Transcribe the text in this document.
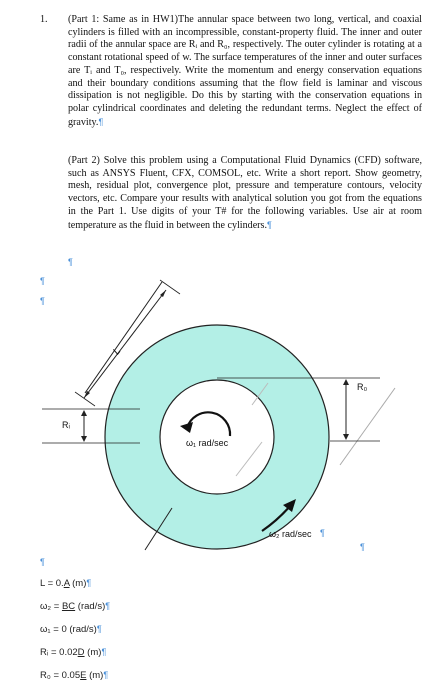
1. (Part 1: Same as in HW1)The annular space between two long, vertical, and coaxial cylinders is filled with an incompressible, constant-property fluid. The inner and outer radii of the annular space are Rᵢ and R₀, respectively. The outer cylinder is rotating at a constant rotational speed of w. The surface temperatures of the inner and outer surfaces are Tᵢ and T₀, respectively. Write the momentum and energy conservation equations and their boundary conditions assuming that the flow field is laminar and viscous dissipation is not negligible. Do this by starting with the conservation equations in polar cylindrical coordinates and deleting the redundant terms. Neglect the effect of gravity.¶
(Part 2) Solve this problem using a Computational Fluid Dynamics (CFD) software, such as ANSYS Fluent, CFX, COMSOL, etc. Write a short report. Show geometry, mesh, residual plot, convergence plot, pressure and temperature contours, velocity vectors, etc. Compare your results with analytical solution you got from the equations in the Part 1. Use digits of your T# for the following variables. Use air at room temperature as the fluid in between the cylinders.¶
¶
¶
¶
L
Rᵢ
R₀
ω₁ rad/sec
ω₂ rad/sec ¶
¶
¶
L = 0.A (m)¶
ω₂ = BC (rad/s)¶
ω₁ = 0 (rad/s)¶
Rᵢ = 0.02D (m)¶
R₀ = 0.05E (m)¶
